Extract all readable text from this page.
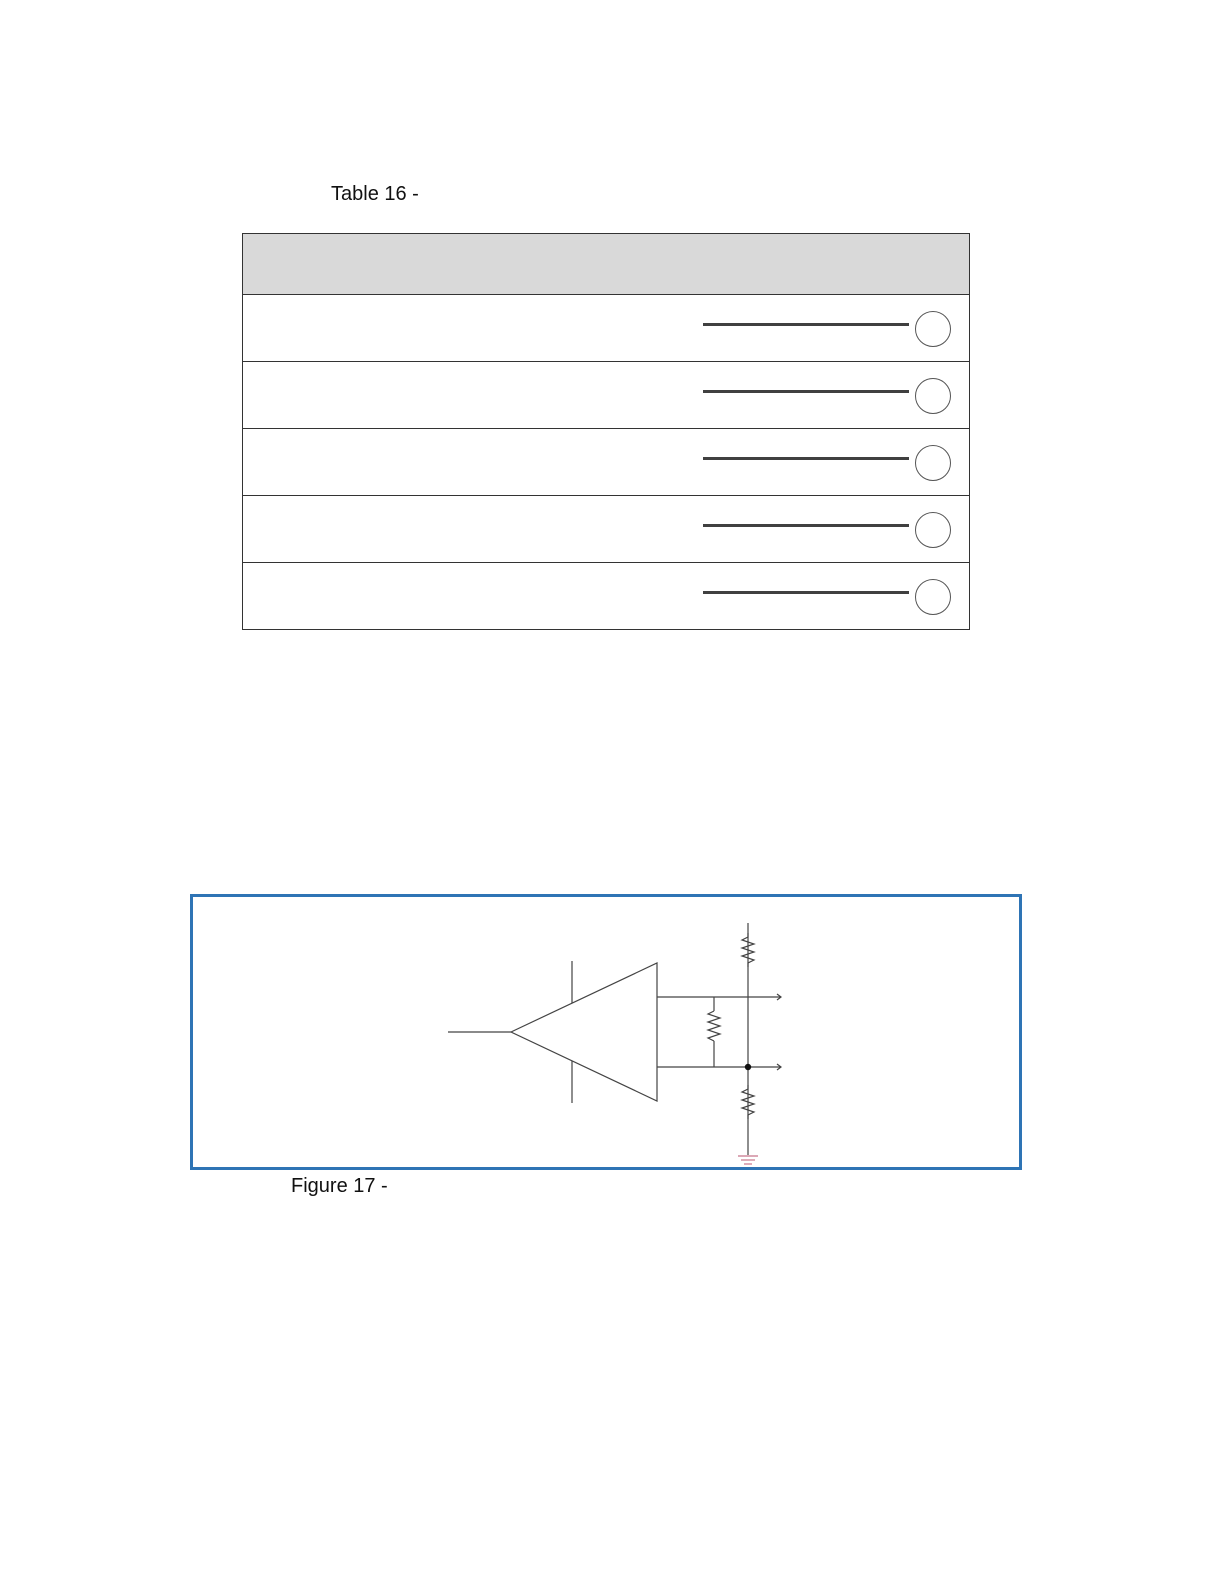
Table 16 -
Figure 17 -
